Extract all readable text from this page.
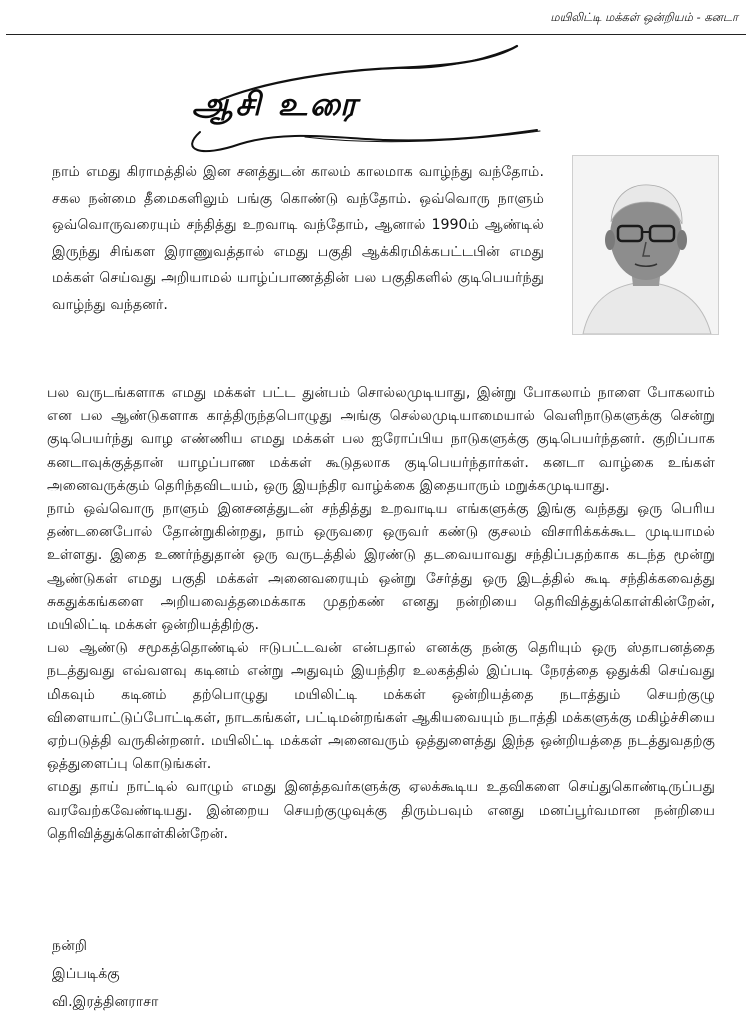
மயிலிட்டி மக்கள் ஒன்றியம் - கனடா
ஆசி உரை

நாம் எமது கிராமத்தில் இன சனத்துடன் காலம் காலமாக வாழ்ந்து வந்தோம். சகல நன்மை தீமைகளிலும் பங்கு கொண்டு வந்தோம். ஒவ்வொரு நாளும் ஒவ்வொருவரையும் சந்தித்து உறவாடி வந்தோம், ஆனால் 1990ம் ஆண்டில் இருந்து சிங்கள இராணுவத்தால் எமது பகுதி ஆக்கிரமிக்கபட்டபின் எமது மக்கள் செய்வது அறியாமல் யாழ்ப்பாணத்தின் பல பகுதிகளில் குடிபெயர்ந்து வாழ்ந்து வந்தனர்.

பல வருடங்களாக எமது மக்கள் பட்ட துன்பம் சொல்லமுடியாது, இன்று போகலாம் நாளை போகலாம் என பல ஆண்டுகளாக காத்திருந்தபொழுது அங்கு செல்லமுடியாமையால் வெளிநாடுகளுக்கு சென்று குடிபெயர்ந்து வாழ எண்ணிய எமது மக்கள் பல ஐரோப்பிய நாடுகளுக்கு குடிபெயர்ந்தனர். குறிப்பாக கனடாவுக்குத்தான் யாழப்பாண மக்கள் கூடுதலாக குடிபெயர்ந்தார்கள். கனடா வாழ்கை உங்கள் அனைவருக்கும் தெரிந்தவிடயம், ஒரு இயந்திர வாழ்க்கை இதையாரும் மறுக்கமுடியாது.

நாம் ஒவ்வொரு நாளும் இனசனத்துடன் சந்தித்து உறவாடிய எங்களுக்கு இங்கு வந்தது ஒரு பெரிய தண்டனைபோல் தோன்றுகின்றது, நாம் ஒருவரை ஒருவர் கண்டு குசலம் விசாரிக்கக்கூட முடியாமல் உள்ளது. இதை உணர்ந்துதான் ஒரு வருடத்தில் இரண்டு தடவையாவது சந்திப்பதற்காக கடந்த மூன்று ஆண்டுகள் எமது பகுதி மக்கள் அனைவரையும் ஒன்று சேர்த்து ஒரு இடத்தில் கூடி சந்திக்கவைத்து சுகதுக்கங்களை அறியவைத்தமைக்காக முதற்கண் எனது நன்றியை தெரிவித்துக்கொள்கின்றேன், மயிலிட்டி மக்கள் ஒன்றியத்திற்கு.

பல ஆண்டு சமூகத்தொண்டில் ஈடுபட்டவன் என்பதால் எனக்கு நன்கு தெரியும் ஒரு ஸ்தாபனத்தை நடத்துவது எவ்வளவு கடினம் என்று அதுவும் இயந்திர உலகத்தில் இப்படி நேரத்தை ஒதுக்கி செய்வது மிகவும் கடினம் தற்பொழுது மயிலிட்டி மக்கள் ஒன்றியத்தை நடாத்தும் செயற்குழு விளையாட்டுப்போட்டிகள், நாடகங்கள், பட்டிமன்றங்கள் ஆகியவையும் நடாத்தி மக்களுக்கு மகிழ்ச்சியை ஏற்படுத்தி வருகின்றனர். மயிலிட்டி மக்கள் அனைவரும் ஒத்துளைத்து இந்த ஒன்றியத்தை நடத்துவதற்கு ஒத்துளைப்பு கொடுங்கள்.

எமது தாய் நாட்டில் வாழும் எமது இனத்தவர்களுக்கு ஏலக்கூடிய உதவிகளை செய்துகொண்டிருப்பது வரவேற்கவேண்டியது. இன்றைய செயற்குழுவுக்கு திரும்பவும் எனது மனப்பூர்வமான நன்றியை தெரிவித்துக்கொள்கின்றேன்.

நன்றி
இப்படிக்கு
வி.இரத்தினராசா
